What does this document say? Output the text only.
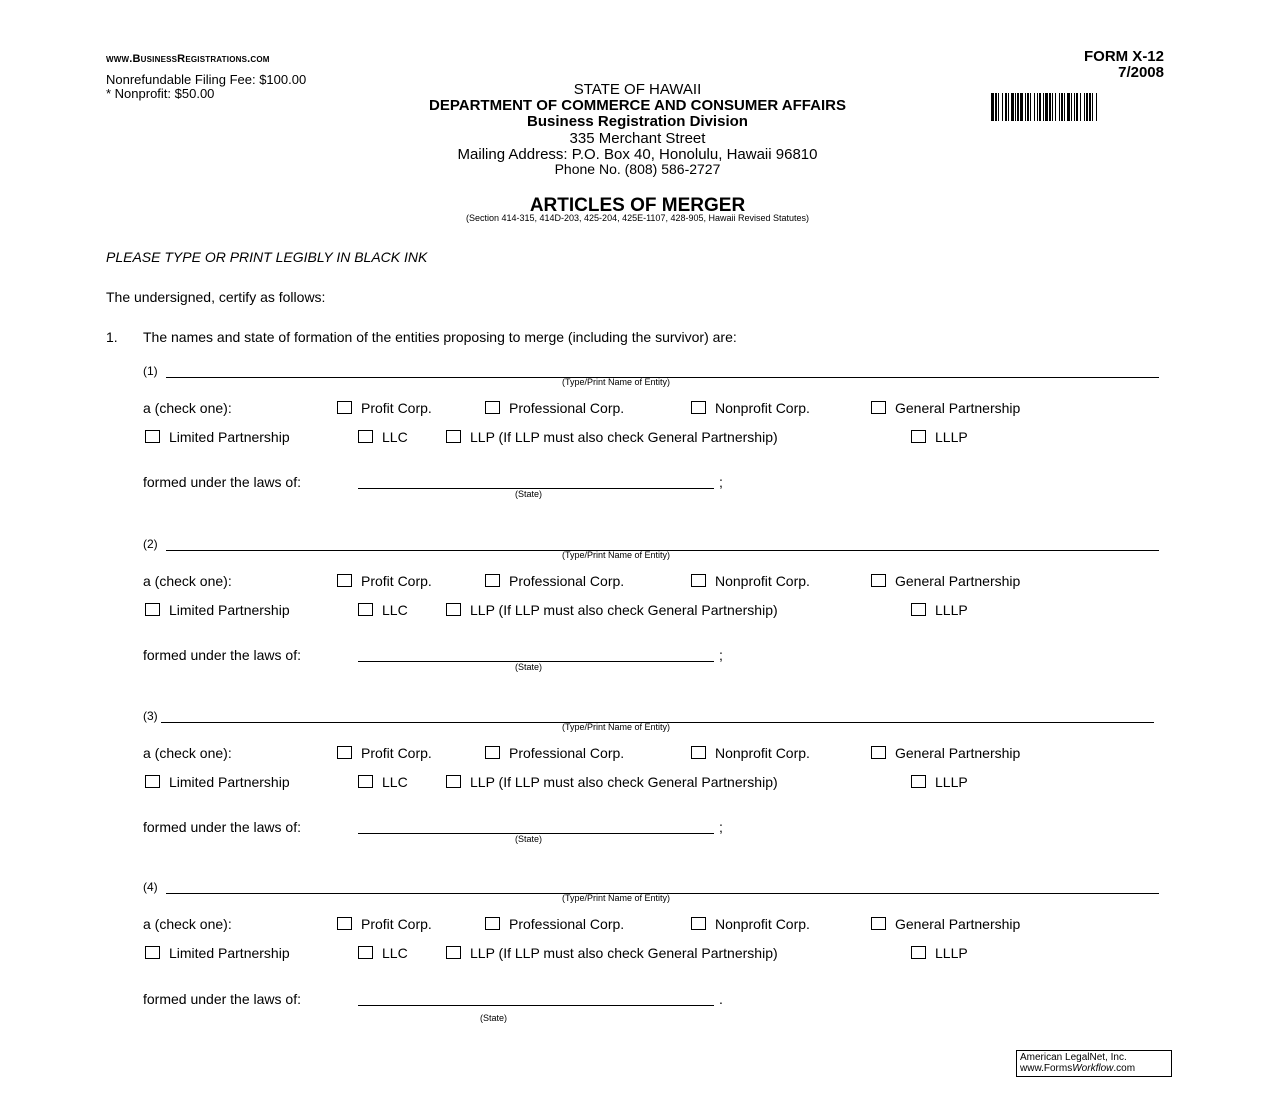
www.BusinessRegistrations.com
Nonrefundable Filing Fee: $100.00
* Nonprofit: $50.00
FORM X-12
7/2008
STATE OF HAWAII
DEPARTMENT OF COMMERCE AND CONSUMER AFFAIRS
Business Registration Division
335 Merchant Street
Mailing Address: P.O. Box 40, Honolulu, Hawaii 96810
Phone No. (808) 586-2727
ARTICLES OF MERGER
(Section 414-315, 414D-203, 425-204, 425E-1107, 428-905, Hawaii Revised Statutes)
PLEASE TYPE OR PRINT LEGIBLY IN BLACK INK
The undersigned, certify as follows:
1. The names and state of formation of the entities proposing to merge (including the survivor) are:
(1)
(Type/Print Name of Entity)
a (check one):	Profit Corp.	Professional Corp.	Nonprofit Corp.	General Partnership
Limited Partnership	LLC	LLP (If LLP must also check General Partnership)	LLLP
formed under the laws of:	;
(State)
(2)
(Type/Print Name of Entity)
a (check one):	Profit Corp.	Professional Corp.	Nonprofit Corp.	General Partnership
Limited Partnership	LLC	LLP (If LLP must also check General Partnership)	LLLP
formed under the laws of:	;
(State)
(3)
(Type/Print Name of Entity)
a (check one):	Profit Corp.	Professional Corp.	Nonprofit Corp.	General Partnership
Limited Partnership	LLC	LLP (If LLP must also check General Partnership)	LLLP
formed under the laws of:	;
(State)
(4)
(Type/Print Name of Entity)
a (check one):	Profit Corp.	Professional Corp.	Nonprofit Corp.	General Partnership
Limited Partnership	LLC	LLP (If LLP must also check General Partnership)	LLLP
formed under the laws of:	.
(State)
American LegalNet, Inc.
www.FormsWorkflow.com
